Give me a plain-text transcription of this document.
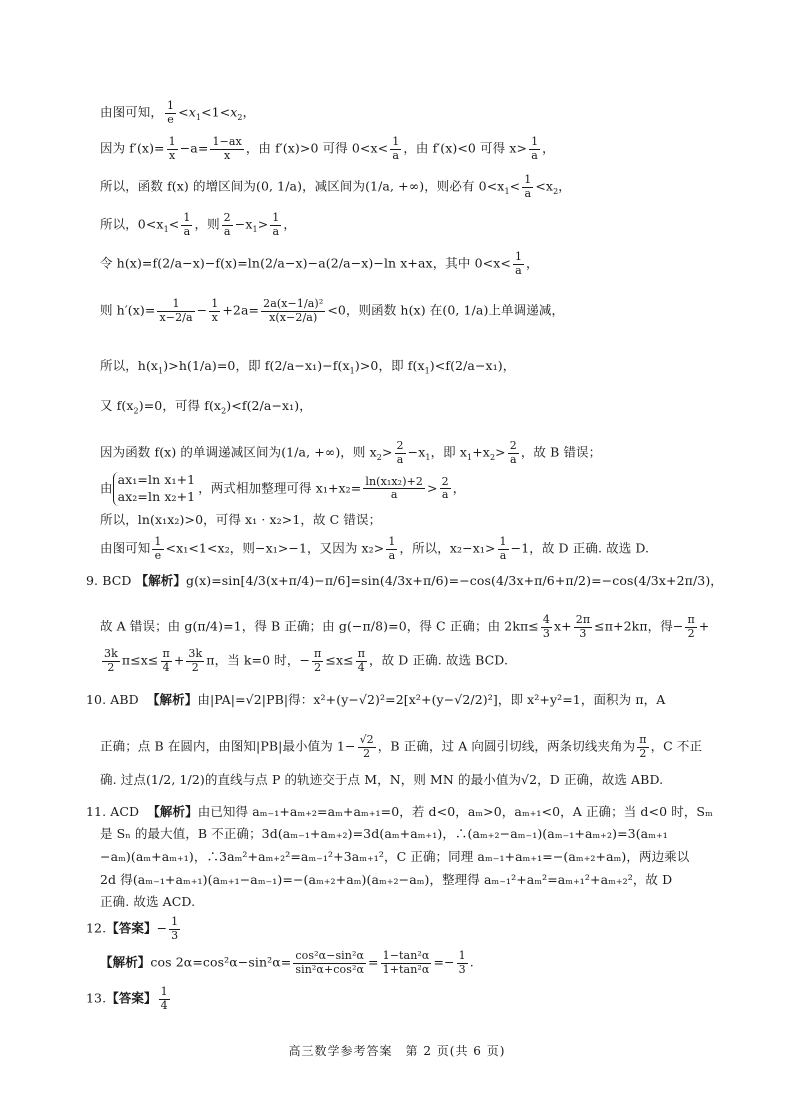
由图可知， $\frac{1}{e} <x_1<1<x_2$，
因为 $f'(x)= \frac{1}{x} -a= \frac{1-ax}{x}$ ，由 f′(x)>0 可得 $0<x< \frac{1}{a}$ ，由 f′(x)<0 可得 $x> \frac{1}{a}$ ，
所以，函数 f(x) 的增区间为(0, 1/a)，减区间为(1/a, +∞)，则必有 $0<x_1< \frac{1}{a} <x_2$，
所以，$0<x_1< \frac{1}{a}$ ，则 $\frac{2}{a} -x_1> \frac{1}{a}$ ，
令 h(x)=f(2/a−x)−f(x)=ln(2/a−x)−a(2/a−x)−ln x+ax，其中 $0<x< \frac{1}{a}$ ，
则 $h'(x)= \frac{1}{x-2/a} - \frac{1}{x} +2a= \frac{\text{2a(x−1/a)²}}{x(x-2/a)} <0$，则函数 h(x) 在(0, 1/a)上单调递减，
所以，$h(x_1)>h(1/a)=0$，即 $f(2/a-x_1)-f(x_1)>0$，即 $f(x_1)<f(2/a-x_1)$，
又 $f(x_2)=0$，可得 $f(x_2)<f(2/a-x_1)$，
因为函数 f(x) 的单调递减区间为(1/a, +∞)，则 $x_2> \frac{2}{a} -x_1$，即 $x_1+x_2> \frac{2}{a}$ ，故 B 错误；
由
ax₁=ln x₁+1
ax₂=ln x₂+1
，两式相加整理可得 $x_1+x_2= \frac{\text{ln(x₁x₂)+2}}{a} > \frac{2}{a}$ ，
所以，ln(x₁x₂)>0，可得 x₁ · x₂>1，故 C 错误；
由图可知 $\frac{1}{e} <x_1<1<x_2$，则−x₁>−1，又因为 $x_2> \frac{1}{a}$ ，所以，$x_2-x_1> \frac{1}{a} -1$，故 D 正确. 故选 D.
9. BCD 【解析】g(x)=sin[4/3(x+π/4)−π/6]=sin(4/3x+π/6)=−cos(4/3x+π/6+π/2)=−cos(4/3x+2π/3)，
故 A 错误；由 g(π/4)=1，得 B 正确；由 g(−π/8)=0，得 C 正确；由 $2k\pi\le \frac{4}{3} x+ \frac{2\pi}{3} \le\pi+2k\pi$，得− $\frac{\pi}{2}$ +
$\frac{3k}{2} \pi\le x\le \frac{\pi}{4} + \frac{3k}{2}$ π，当 k=0 时，− $\frac{\pi}{2} \le x\le \frac{\pi}{4}$ ，故 D 正确. 故选 BCD.
10. ABD 【解析】由|PA|=√2|PB|得：x²+(y−√2)²=2[x²+(y−√2/2)²]，即 x²+y²=1，面积为 π，A
正确；点 B 在圆内，由图知|PB|最小值为 $1- \frac{√2}{2}$ ，B 正确，过 A 向圆引切线，两条切线夹角为 $\frac{\pi}{2}$ ，C 不正
确. 过点(1/2, 1/2)的直线与点 P 的轨迹交于点 M，N，则 MN 的最小值为√2，D 正确，故选 ABD.
11. ACD 【解析】由已知得 aₘ₋₁+aₘ₊₂=aₘ+aₘ₊₁=0，若 d<0，aₘ>0，aₘ₊₁<0，A 正确；当 d<0 时，Sₘ
是 Sₙ 的最大值，B 不正确；3d(aₘ₋₁+aₘ₊₂)=3d(aₘ+aₘ₊₁)，∴(aₘ₊₂−aₘ₋₁)(aₘ₋₁+aₘ₊₂)=3(aₘ₊₁
−aₘ)(aₘ+aₘ₊₁)，∴3aₘ²+aₘ₊₂²=aₘ₋₁²+3aₘ₊₁²，C 正确；同理 aₘ₋₁+aₘ₊₁=−(aₘ₊₂+aₘ)，两边乘以
2d 得(aₘ₋₁+aₘ₊₁)(aₘ₊₁−aₘ₋₁)=−(aₘ₊₂+aₘ)(aₘ₊₂−aₘ)，整理得 aₘ₋₁²+aₘ²=aₘ₊₁²+aₘ₊₂²，故 D
正确. 故选 ACD.
12.【答案】− $\frac{1}{3}$
【解析】$\cos 2\alpha=\cos^2\alpha-\sin^2\alpha= \frac{\text{cos²α−sin²α}}{\text{sin²α+cos²α}} = \frac{\text{1−tan²α}}{\text{1+tan²α}} =- \frac{1}{3}$ .
13.【答案】 $\frac{1}{4}$
高三数学参考答案　第 2 页(共 6 页)
